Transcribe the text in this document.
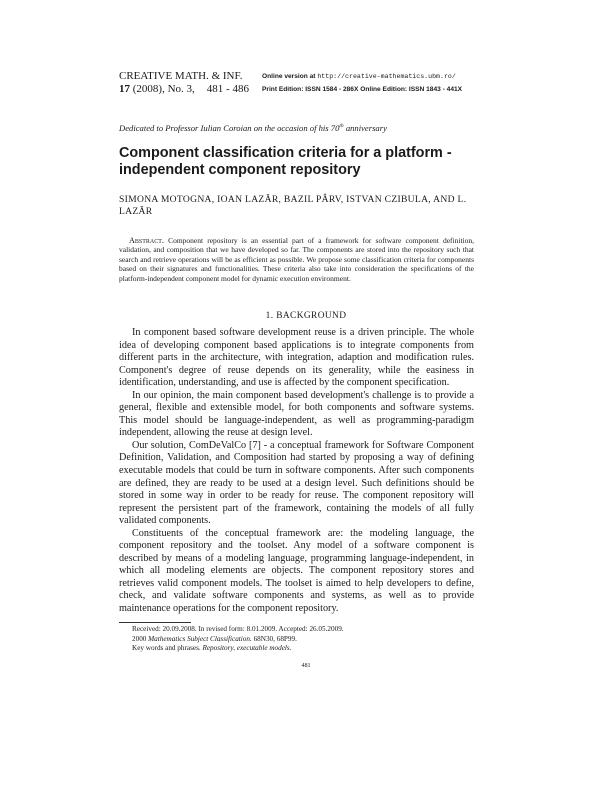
CREATIVE MATH. & INF.
17 (2008), No. 3, 481 - 486
Online version at http://creative-mathematics.ubm.ro/
Print Edition: ISSN 1584 - 286X Online Edition: ISSN 1843 - 441X
Dedicated to Professor Iulian Coroian on the occasion of his 70th anniversary
Component classification criteria for a platform - independent component repository
SIMONA MOTOGNA, IOAN LAZĂR, BAZIL PÂRV, ISTVAN CZIBULA, AND L. LAZĂR
Abstract. Component repository is an essential part of a framework for software component definition, validation, and composition that we have developed so far. The components are stored into the repository such that search and retrieve operations will be as efficient as possible. We propose some classification criteria for components based on their signatures and functionalities. These criteria also take into consideration the specifications of the platform-independent component model for dynamic execution environment.
1. BACKGROUND

In component based software development reuse is a driven principle. The whole idea of developing component based applications is to integrate components from different parts in the architecture, with integration, adaption and modification rules. Component's degree of reuse depends on its generality, while the easiness in identification, understanding, and use is affected by the component specification.

In our opinion, the main component based development's challenge is to provide a general, flexible and extensible model, for both components and software systems. This model should be language-independent, as well as programming-paradigm independent, allowing the reuse at design level.

Our solution, ComDeValCo [7] - a conceptual framework for Software Component Definition, Validation, and Composition had started by proposing a way of defining executable models that could be turn in software components. After such components are defined, they are ready to be used at a design level. Such definitions should be stored in some way in order to be ready for reuse. The component repository will represent the persistent part of the framework, containing the models of all fully validated components.

Constituents of the conceptual framework are: the modeling language, the component repository and the toolset. Any model of a software component is described by means of a modeling language, programming language-independent, in which all modeling elements are objects. The component repository stores and retrieves valid component models. The toolset is aimed to help developers to define, check, and validate software components and systems, as well as to provide maintenance operations for the component repository.

Received: 20.09.2008. In revised form: 8.01.2009. Accepted: 26.05.2009.
2000 Mathematics Subject Classification. 68N30, 68P99.
Key words and phrases. Repository, executable models.
481
